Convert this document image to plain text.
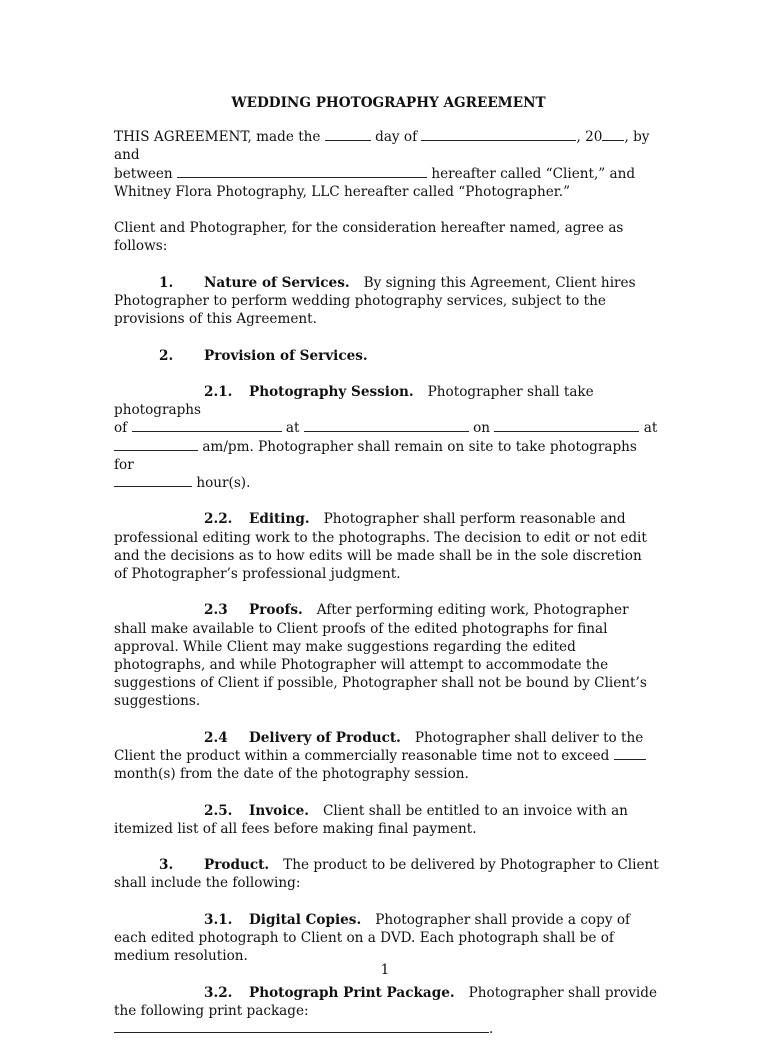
WEDDING PHOTOGRAPHY AGREEMENT

THIS AGREEMENT, made the	day of	, 20 , by and
between	hereafter called “Client,” and
Whitney Flora Photography, LLC hereafter called “Photographer.”

Client and Photographer, for the consideration hereafter named, agree as follows:

1. Nature of Services. By signing this Agreement, Client hires Photographer to perform wedding photography services, subject to the provisions of this Agreement.

2. Provision of Services.

2.1. Photography Session. Photographer shall take photographs
of	at	on	at
am/pm. Photographer shall remain on site to take photographs for
hour(s).

2.2. Editing. Photographer shall perform reasonable and professional editing work to the photographs. The decision to edit or not edit and the decisions as to how edits will be made shall be in the sole discretion of Photographer’s professional judgment.

2.3 Proofs. After performing editing work, Photographer shall make available to Client proofs of the edited photographs for final approval. While Client may make suggestions regarding the edited photographs, and while Photographer will attempt to accommodate the suggestions of Client if possible, Photographer shall not be bound by Client’s suggestions.

2.4 Delivery of Product. Photographer shall deliver to the Client the product within a commercially reasonable time not to exceed  month(s) from the date of the photography session.

2.5. Invoice. Client shall be entitled to an invoice with an itemized list of all fees before making final payment.

3. Product. The product to be delivered by Photographer to Client shall include the following:

3.1. Digital Copies. Photographer shall provide a copy of each edited photograph to Client on a DVD. Each photograph shall be of medium resolution.

3.2. Photograph Print Package. Photographer shall provide the following print package: .

1
